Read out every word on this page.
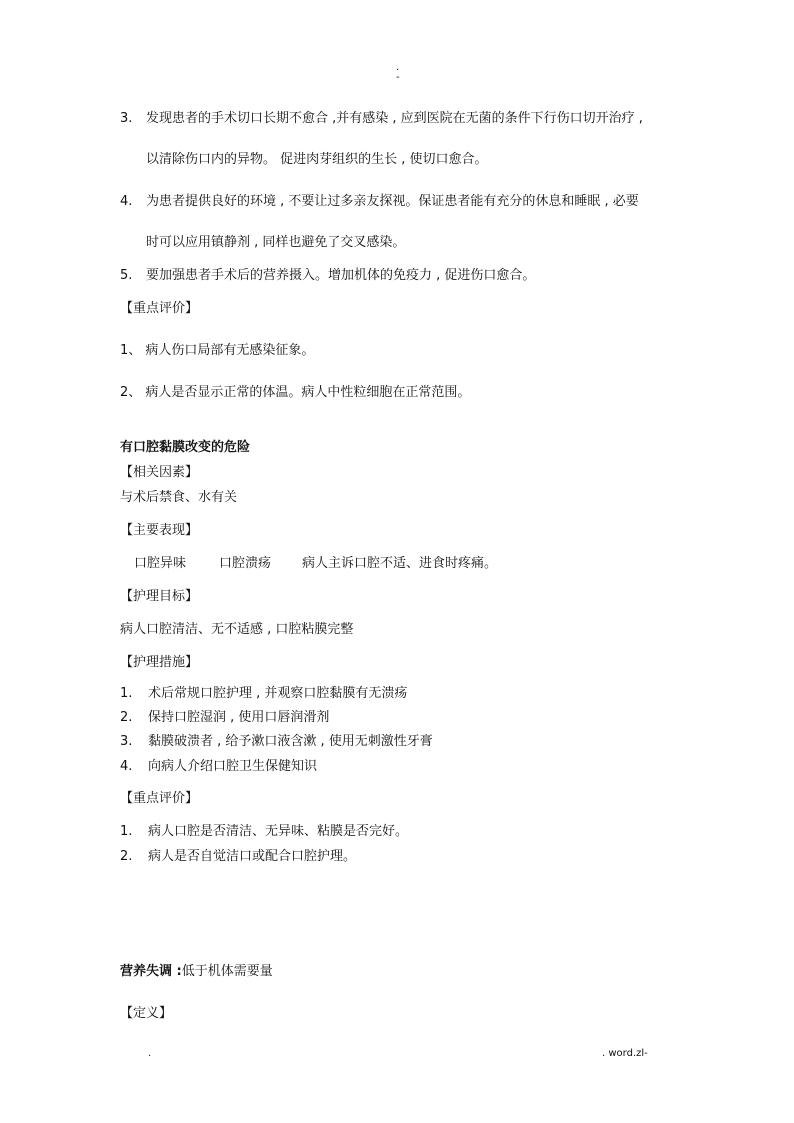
.
-
3. 发现患者的手术切口长期不愈合 ,并有感染 , 应到医院在无菌的条件下行伤口切开治疗 ,
以清除伤口内的异物。 促进肉芽组织的生长 , 使切口愈合。
4. 为患者提供良好的环境 , 不要让过多亲友探视。保证患者能有充分的休息和睡眠 , 必要
时可以应用镇静剂 , 同样也避免了交叉感染。
5. 要加强患者手术后的营养摄入。增加机体的免疫力 , 促进伤口愈合。
【重点评价】
1、 病人伤口局部有无感染征象。
2、 病人是否显示正常的体温。病人中性粒细胞在正常范围。
有口腔黏膜改变的危险
【相关因素】
与术后禁食、水有关
【主要表现】
口腔异味	口腔溃疡 病人主诉口腔不适、进食时疼痛。
【护理目标】
病人口腔清洁、无不适感 , 口腔粘膜完整
【护理措施】
1. 术后常规口腔护理 , 并观察口腔黏膜有无溃疡
2. 保持口腔湿润 , 使用口唇润滑剂
3. 黏膜破溃者 , 给予漱口液含漱 , 使用无刺激性牙膏
4. 向病人介绍口腔卫生保健知识
【重点评价】
1. 病人口腔是否清洁、无异味、粘膜是否完好。
2. 病人是否自觉洁口或配合口腔护理。
营养失调 :低于机体需要量
【定义】
.	. word.zl-
